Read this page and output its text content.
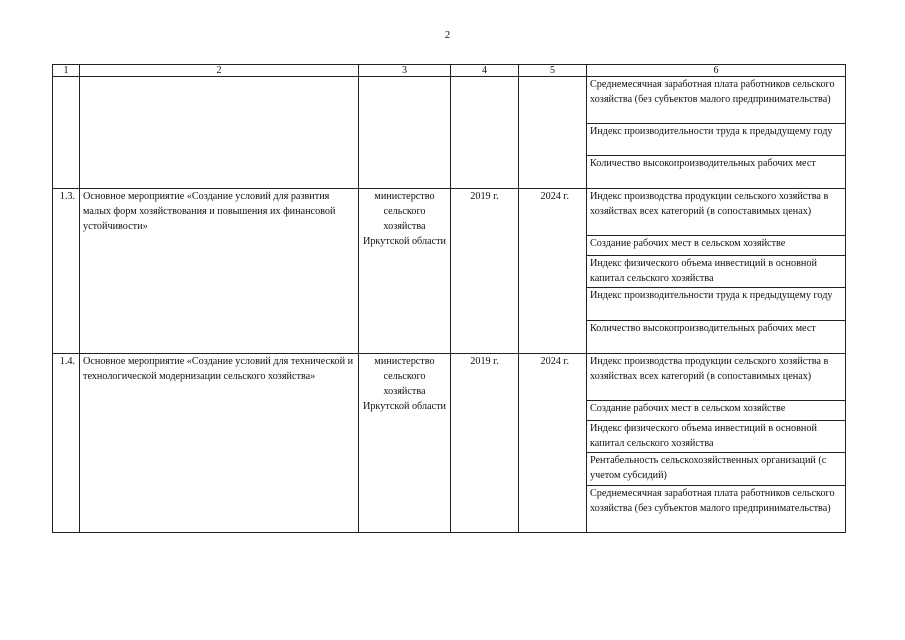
2
1	2	3	4	5	6
					Среднемесячная заработная плата работников сельского хозяйства (без субъектов малого предпринимательства)
					Индекс производительности труда к предыдущему году
					Количество высокопроизводительных рабочих мест
1.3.	Основное мероприятие «Создание условий для развития малых форм хозяйствования и повышения их финансовой устойчивости»	министерство сельского хозяйства Иркутской области	2019 г.	2024 г.	Индекс производства продукции сельского хозяйства в хозяйствах всех категорий (в сопоставимых ценах)
					Создание рабочих мест в сельском хозяйстве
					Индекс физического объема инвестиций в основной капитал сельского хозяйства
					Индекс производительности труда к предыдущему году
					Количество высокопроизводительных рабочих мест
1.4.	Основное мероприятие «Создание условий для технической и технологической модернизации сельского хозяйства»	министерство сельского хозяйства Иркутской области	2019 г.	2024 г.	Индекс производства продукции сельского хозяйства в хозяйствах всех категорий (в сопоставимых ценах)
					Создание рабочих мест в сельском хозяйстве
					Индекс физического объема инвестиций в основной капитал сельского хозяйства
					Рентабельность сельскохозяйственных организаций (с учетом субсидий)
					Среднемесячная заработная плата работников сельского хозяйства (без субъектов малого предпринимательства)
